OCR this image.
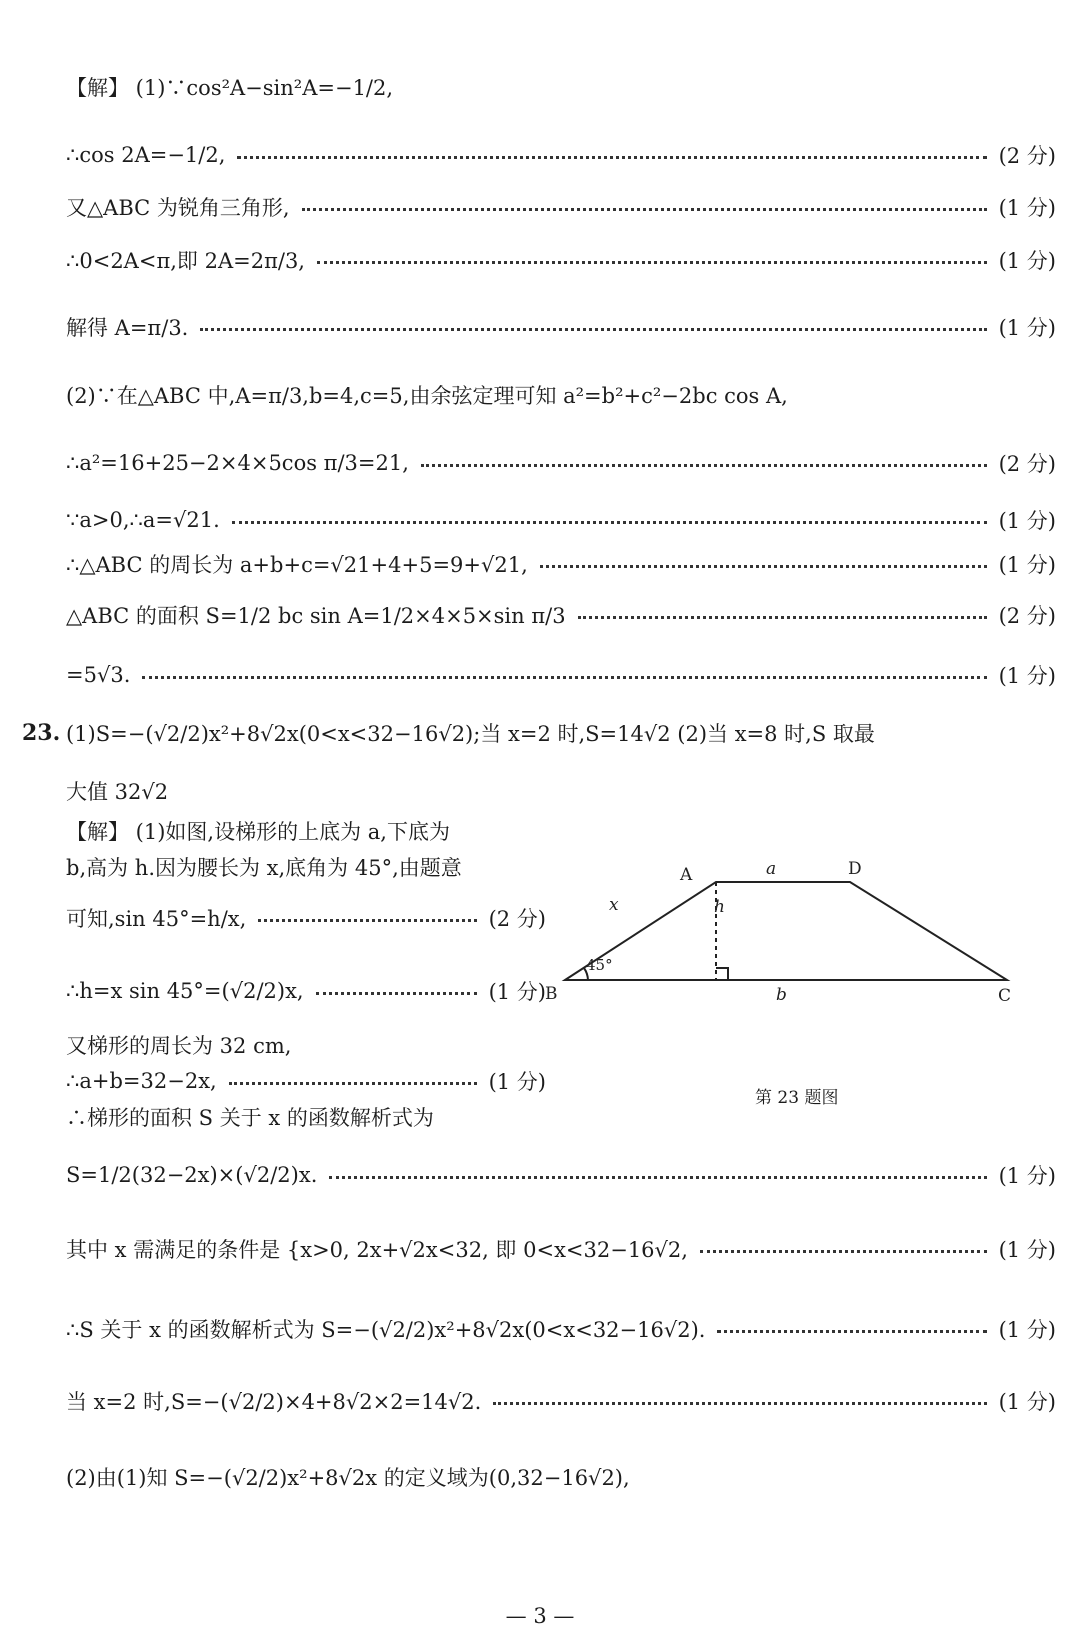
【解】 (1)∵cos²A−sin²A=−1/2,
∴cos 2A=−1/2,	(2 分)
又△ABC 为锐角三角形,	(1 分)
∴0<2A<π,即 2A=2π/3,	(1 分)
解得 A=π/3.	(1 分)
(2)∵在△ABC 中,A=π/3,b=4,c=5,由余弦定理可知 a²=b²+c²−2bc cos A,
∴a²=16+25−2×4×5cos π/3=21,	(2 分)
∵a>0,∴a=√21.	(1 分)
∴△ABC 的周长为 a+b+c=√21+4+5=9+√21,	(1 分)
△ABC 的面积 S=1/2 bc sin A=1/2×4×5×sin π/3	(2 分)
=5√3.	(1 分)
23. (1)S=−(√2/2)x²+8√2x(0<x<32−16√2);当 x=2 时,S=14√2 (2)当 x=8 时,S 取最
大值 32√2
【解】 (1)如图,设梯形的上底为 a,下底为
b,高为 h.因为腰长为 x,底角为 45°,由题意
可知,sin 45°=h/x,	(2 分)
∴h=x sin 45°=(√2/2)x,	(1 分)
又梯形的周长为 32 cm,
∴a+b=32−2x,	(1 分)
∴梯形的面积 S 关于 x 的函数解析式为
S=1/2(32−2x)×(√2/2)x.	(1 分)
其中 x 需满足的条件是 {x>0, 2x+√2x<32, 即 0<x<32−16√2,	(1 分)
∴S 关于 x 的函数解析式为 S=−(√2/2)x²+8√2x(0<x<32−16√2).	(1 分)
当 x=2 时,S=−(√2/2)×4+8√2×2=14√2.	(1 分)
(2)由(1)知 S=−(√2/2)x²+8√2x 的定义域为(0,32−16√2),
A	D
B	C
a
b
h
x
45°
第 23 题图
— 3 —
